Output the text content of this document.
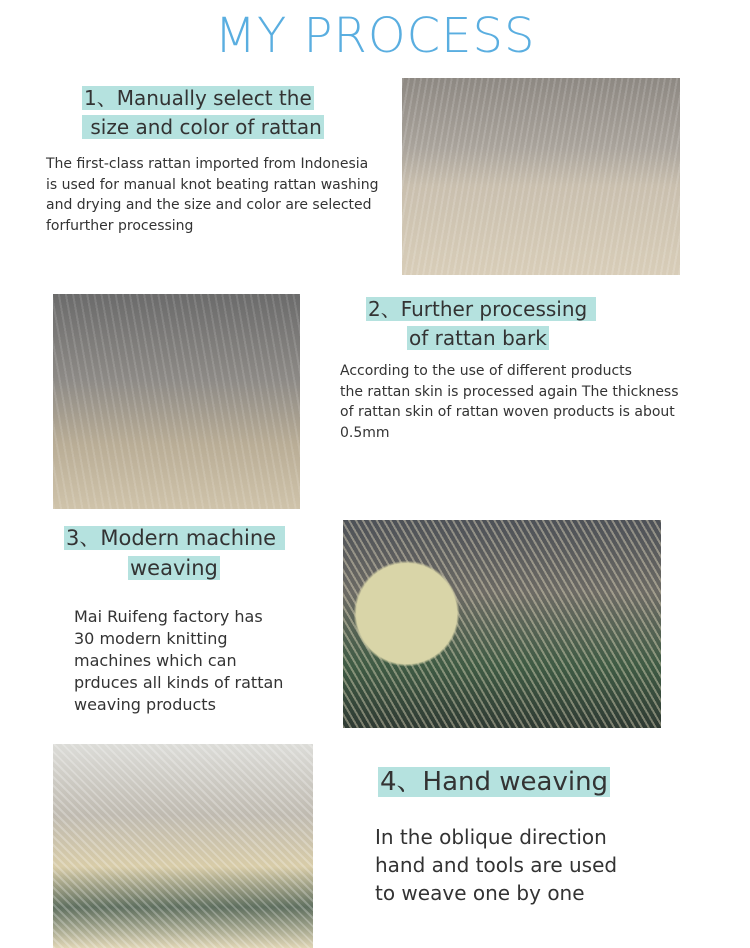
MY PROCESS
1、Manually select the
size and color of rattan
The first-class rattan imported from Indonesia
is used for manual knot beating rattan washing
and drying and the size and color are selected
forfurther processing
2、Further processing
of rattan bark
According to the use of different products
the rattan skin is processed again The thickness
of rattan skin of rattan woven products is about
0.5mm
3、Modern machine
weaving
Mai Ruifeng factory has
30 modern knitting
machines which can
prduces all kinds of rattan
weaving products
4、Hand weaving
In the oblique direction
hand and tools are used
to weave one by one
